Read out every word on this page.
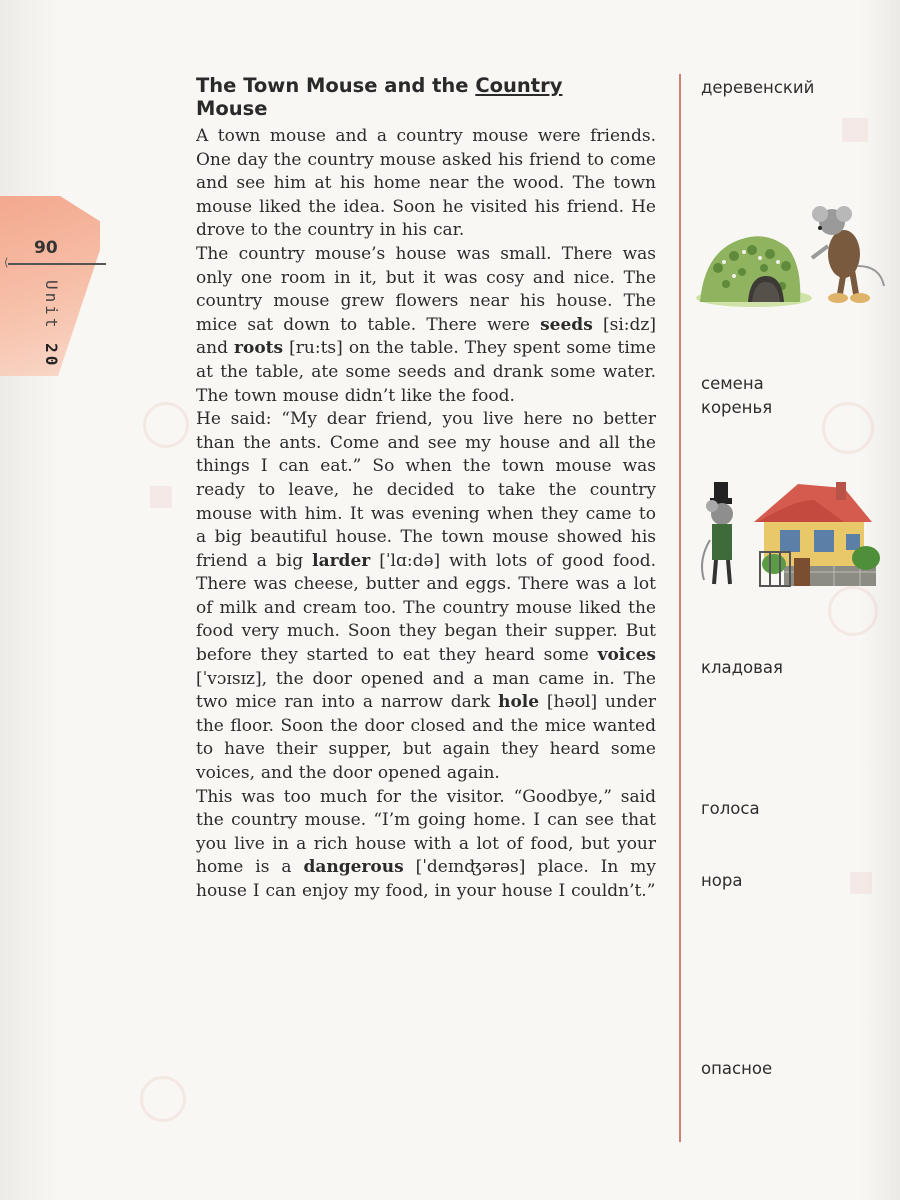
⟨
90
Unit 20
The Town Mouse and the Country
Mouse

A town mouse and a country mouse were friends. One day the country mouse asked his friend to come and see him at his home near the wood. The town mouse liked the idea. Soon he visited his friend. He drove to the country in his car.

The country mouse’s house was small. There was only one room in it, but it was cosy and nice. The country mouse grew flowers near his house. The mice sat down to table. There were seeds [si:dz] and roots [ru:ts] on the table. They spent some time at the table, ate some seeds and drank some water. The town mouse didn’t like the food.

He said: “My dear friend, you live here no better than the ants. Come and see my house and all the things I can eat.” So when the town mouse was ready to leave, he decided to take the country mouse with him. It was evening when they came to a big beautiful house. The town mouse showed his friend a big larder [ˈlɑ:də] with lots of good food. There was cheese, butter and eggs. There was a lot of milk and cream too. The country mouse liked the food very much. Soon they began their supper. But before they started to eat they heard some voices [ˈvɔɪsɪz], the door opened and a man came in. The two mice ran into a narrow dark hole [həʊl] under the floor. Soon the door closed and the mice wanted to have their supper, but again they heard some voices, and the door opened again.

This was too much for the visitor. “Goodbye,” said the country mouse. “I’m going home. I can see that you live in a rich house with a lot of food, but your home is a dangerous [ˈdeɪnʤərəs] place. In my house I can enjoy my food, in your house I couldn’t.”

деревенский
семена
коренья
кладовая
голоса
нора
опасное
